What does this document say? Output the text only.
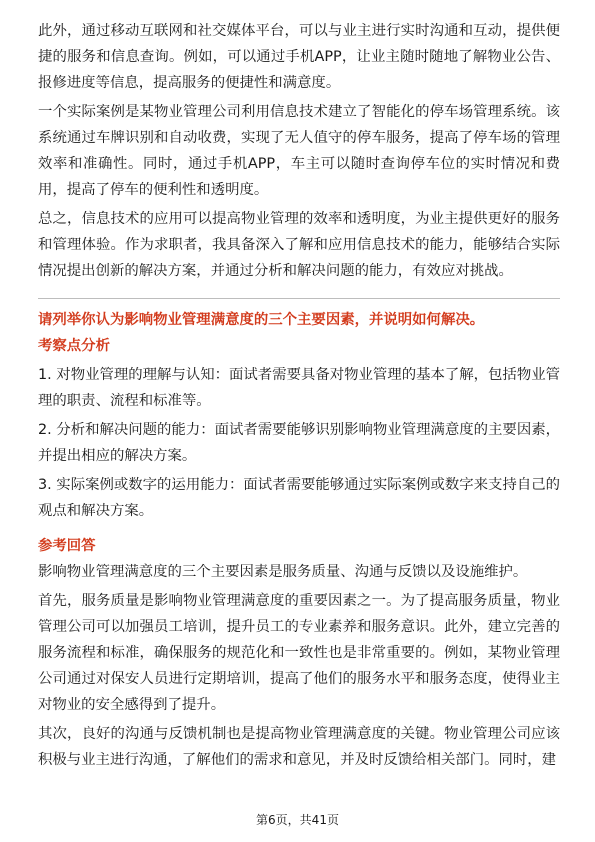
此外，通过移动互联网和社交媒体平台，可以与业主进行实时沟通和互动，提供便捷的服务和信息查询。例如，可以通过手机APP，让业主随时随地了解物业公告、报修进度等信息，提高服务的便捷性和满意度。

一个实际案例是某物业管理公司利用信息技术建立了智能化的停车场管理系统。该系统通过车牌识别和自动收费，实现了无人值守的停车服务，提高了停车场的管理效率和准确性。同时，通过手机APP，车主可以随时查询停车位的实时情况和费用，提高了停车的便利性和透明度。

总之，信息技术的应用可以提高物业管理的效率和透明度，为业主提供更好的服务和管理体验。作为求职者，我具备深入了解和应用信息技术的能力，能够结合实际情况提出创新的解决方案，并通过分析和解决问题的能力，有效应对挑战。

请列举你认为影响物业管理满意度的三个主要因素，并说明如何解决。
考察点分析

1. 对物业管理的理解与认知：面试者需要具备对物业管理的基本了解，包括物业管理的职责、流程和标准等。

2. 分析和解决问题的能力：面试者需要能够识别影响物业管理满意度的主要因素，并提出相应的解决方案。

3. 实际案例或数字的运用能力：面试者需要能够通过实际案例或数字来支持自己的观点和解决方案。

参考回答

影响物业管理满意度的三个主要因素是服务质量、沟通与反馈以及设施维护。

首先，服务质量是影响物业管理满意度的重要因素之一。为了提高服务质量，物业管理公司可以加强员工培训，提升员工的专业素养和服务意识。此外，建立完善的服务流程和标准，确保服务的规范化和一致性也是非常重要的。例如，某物业管理公司通过对保安人员进行定期培训，提高了他们的服务水平和服务态度，使得业主对物业的安全感得到了提升。

其次，良好的沟通与反馈机制也是提高物业管理满意度的关键。物业管理公司应该积极与业主进行沟通，了解他们的需求和意见，并及时反馈给相关部门。同时，建

第6页，共41页
